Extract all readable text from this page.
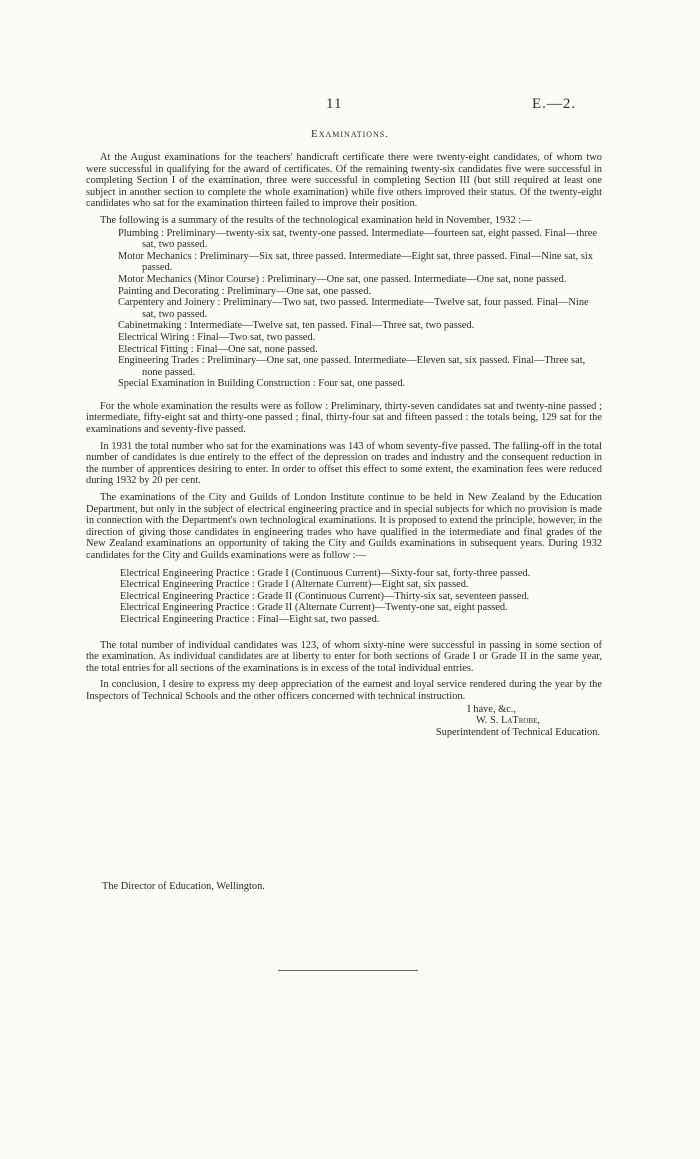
11	E.—2.
Examinations.

At the August examinations for the teachers' handicraft certificate there were twenty-eight candidates, of whom two were successful in qualifying for the award of certificates. Of the remaining twenty-six candidates five were successful in completing Section I of the examination, three were successful in completing Section III (but still required at least one subject in another section to complete the whole examination) while five others improved their status. Of the twenty-eight candidates who sat for the examination thirteen failed to improve their position.

The following is a summary of the results of the technological examination held in November, 1932 :—

Plumbing : Preliminary—twenty-six sat, twenty-one passed. Intermediate—fourteen sat, eight passed. Final—three sat, two passed.
Motor Mechanics : Preliminary—Six sat, three passed. Intermediate—Eight sat, three passed. Final—Nine sat, six passed.
Motor Mechanics (Minor Course) : Preliminary—One sat, one passed. Intermediate—One sat, none passed.
Painting and Decorating : Preliminary—One sat, one passed.
Carpentery and Joinery : Preliminary—Two sat, two passed. Intermediate—Twelve sat, four passed. Final—Nine sat, two passed.
Cabinetmaking : Intermediate—Twelve sat, ten passed. Final—Three sat, two passed.
Electrical Wiring : Final—Two sat, two passed.
Electrical Fitting : Final—One sat, none passed.
Engineering Trades : Preliminary—One sat, one passed. Intermediate—Eleven sat, six passed. Final—Three sat, none passed.
Special Examination in Building Construction : Four sat, one passed.

For the whole examination the results were as follow : Preliminary, thirty-seven candidates sat and twenty-nine passed ; intermediate, fifty-eight sat and thirty-one passed ; final, thirty-four sat and fifteen passed : the totals being, 129 sat for the examinations and seventy-five passed.

In 1931 the total number who sat for the examinations was 143 of whom seventy-five passed. The falling-off in the total number of candidates is due entirely to the effect of the depression on trades and industry and the consequent reduction in the number of apprentices desiring to enter. In order to offset this effect to some extent, the examination fees were reduced during 1932 by 20 per cent.

The examinations of the City and Guilds of London Institute continue to be held in New Zealand by the Education Department, but only in the subject of electrical engineering practice and in special subjects for which no provision is made in connection with the Department's own technological examinations. It is proposed to extend the principle, however, in the direction of giving those candidates in engineering trades who have qualified in the intermediate and final grades of the New Zealand examinations an opportunity of taking the City and Guilds examinations in subsequent years. During 1932 candidates for the City and Guilds examinations were as follow :—

Electrical Engineering Practice : Grade I (Continuous Current)—Sixty-four sat, forty-three passed.
Electrical Engineering Practice : Grade I (Alternate Current)—Eight sat, six passed.
Electrical Engineering Practice : Grade II (Continuous Current)—Thirty-six sat, seventeen passed.
Electrical Engineering Practice : Grade II (Alternate Current)—Twenty-one sat, eight passed.
Electrical Engineering Practice : Final—Eight sat, two passed.

The total number of individual candidates was 123, of whom sixty-nine were successful in passing in some section of the examination. As individual candidates are at liberty to enter for both sections of Grade I or Grade II in the same year, the total entries for all sections of the examinations is in excess of the total individual entries.

In conclusion, I desire to express my deep appreciation of the earnest and loyal service rendered during the year by the Inspectors of Technical Schools and the other officers concerned with technical instruction.

I have, &c.,
W. S. LaTrobe,
Superintendent of Technical Education.
The Director of Education, Wellington.
